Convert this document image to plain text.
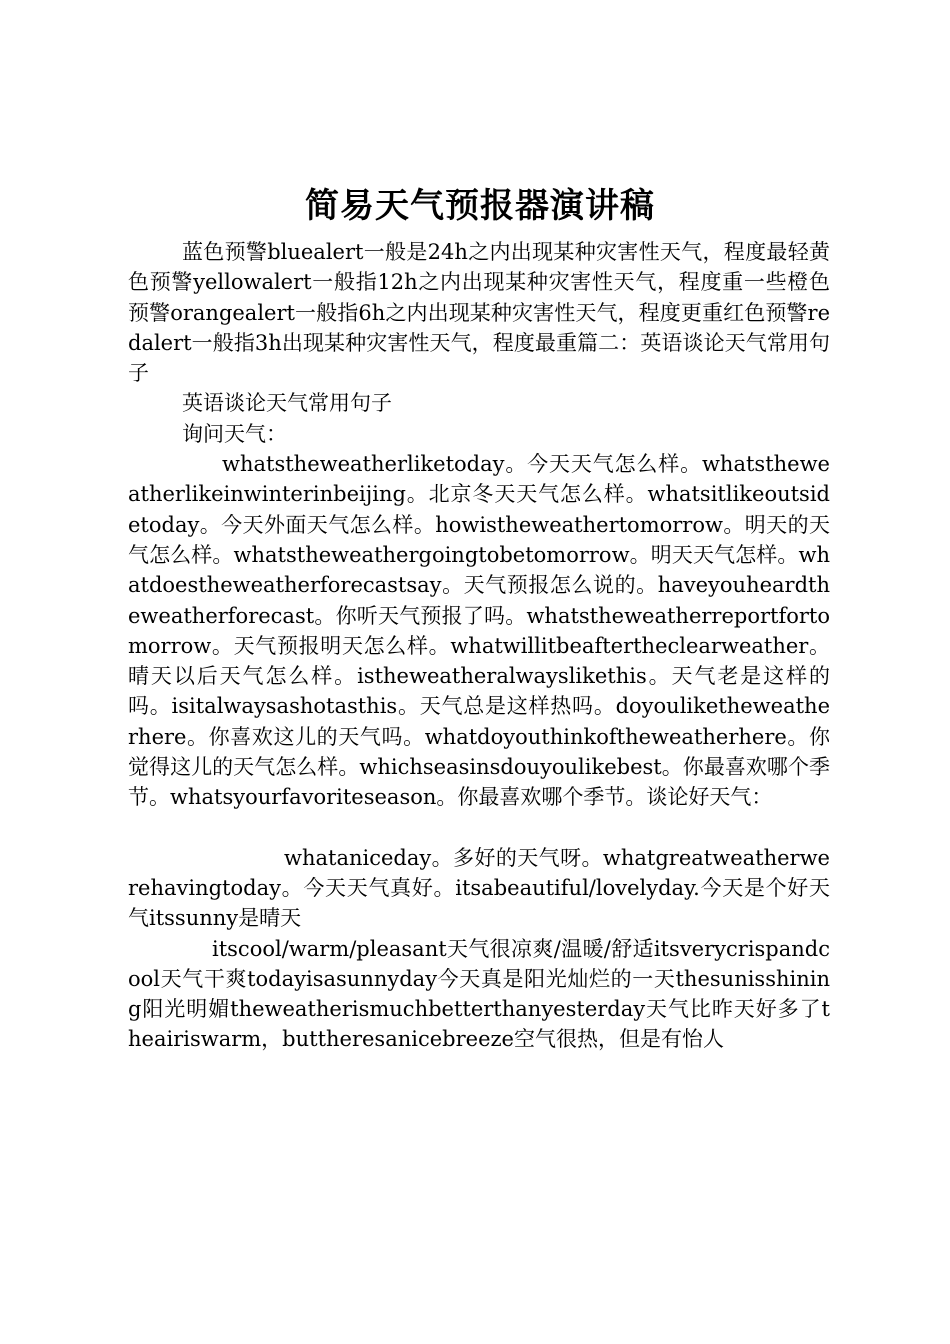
简易天气预报器演讲稿

蓝色预警bluealert一般是24h之内出现某种灾害性天气，程度最轻黄色预警yellowalert一般指12h之内出现某种灾害性天气，程度重一些橙色预警orangealert一般指6h之内出现某种灾害性天气，程度更重红色预警redalert一般指3h出现某种灾害性天气，程度最重篇二：英语谈论天气常用句子

英语谈论天气常用句子

询问天气：

whatstheweatherliketoday。今天天气怎么样。whatstheweatherlikeinwinterinbeijing。北京冬天天气怎么样。whatsitlikeoutsidetoday。今天外面天气怎么样。howistheweathertomorrow。明天的天气怎么样。whatstheweathergoingtobetomorrow。明天天气怎样。whatdoestheweatherforecastsay。天气预报怎么说的。haveyouheardtheweatherforecast。你听天气预报了吗。whatstheweatherreportfortomorrow。天气预报明天怎么样。whatwillitbeaftertheclearweather。晴天以后天气怎么样。istheweatheralwayslikethis。天气老是这样的吗。isitalwaysashotasthis。天气总是这样热吗。doyouliketheweatherhere。你喜欢这儿的天气吗。whatdoyouthinkoftheweatherhere。你觉得这儿的天气怎么样。whichseasinsdouyoulikebest。你最喜欢哪个季节。whatsyourfavoriteseason。你最喜欢哪个季节。谈论好天气：

whataniceday。多好的天气呀。whatgreatweatherwerehavingtoday。今天天气真好。itsabeautiful/lovelyday.今天是个好天气itssunny是晴天

itscool/warm/pleasant天气很凉爽/温暖/舒适itsverycrispandcool天气干爽todayisasunnyday今天真是阳光灿烂的一天thesunisshining阳光明媚theweatherismuchbetterthanyesterday天气比昨天好多了theairiswarm，buttheresanicebreeze空气很热，但是有怡人
